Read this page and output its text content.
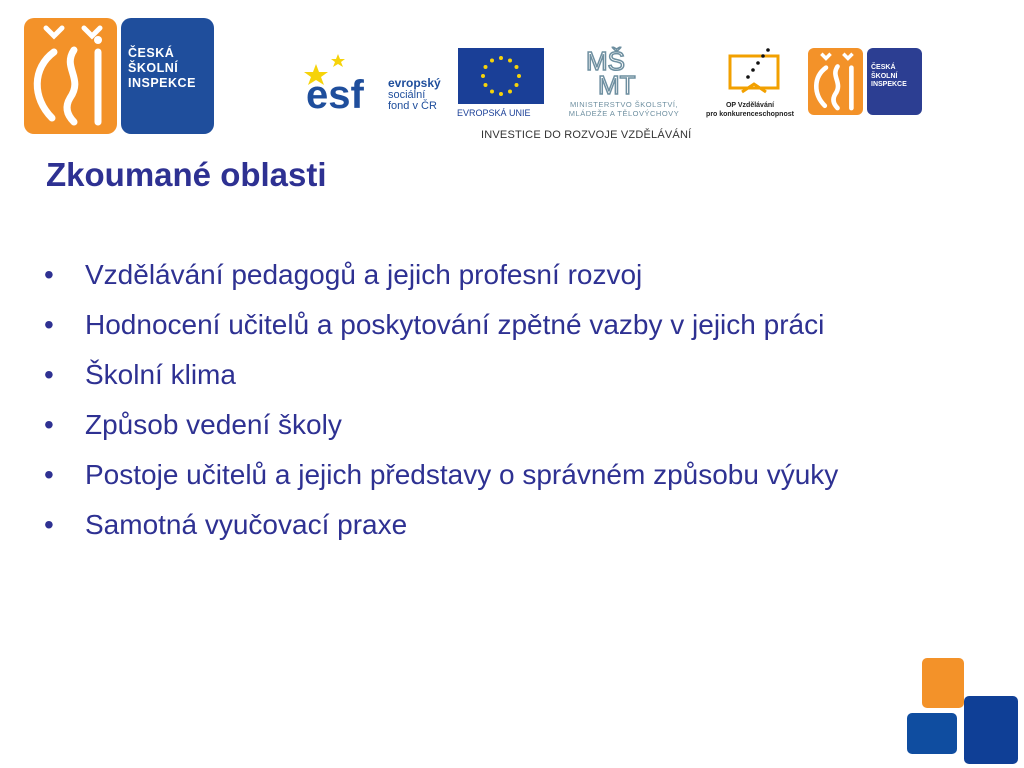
ČESKÁ
ŠKOLNÍ
INSPEKCE	esf evropský
sociální
fond v ČR
EVROPSKÁ UNIE
MŠ
MT
MINISTERSTVO ŠKOLSTVÍ,
MLÁDEŽE A TĚLOVÝCHOVY
OP Vzdělávání
pro konkurenceschopnost
ČESKÁ
ŠKOLNÍ
INSPEKCE
INVESTICE DO ROZVOJE VZDĚLÁVÁNÍ
Zkoumané oblasti
• Vzdělávání pedagogů a jejich profesní rozvoj
• Hodnocení učitelů a poskytování zpětné vazby v jejich práci
• Školní klima
• Způsob vedení školy
• Postoje učitelů a jejich představy o správném způsobu výuky
• Samotná vyučovací praxe
